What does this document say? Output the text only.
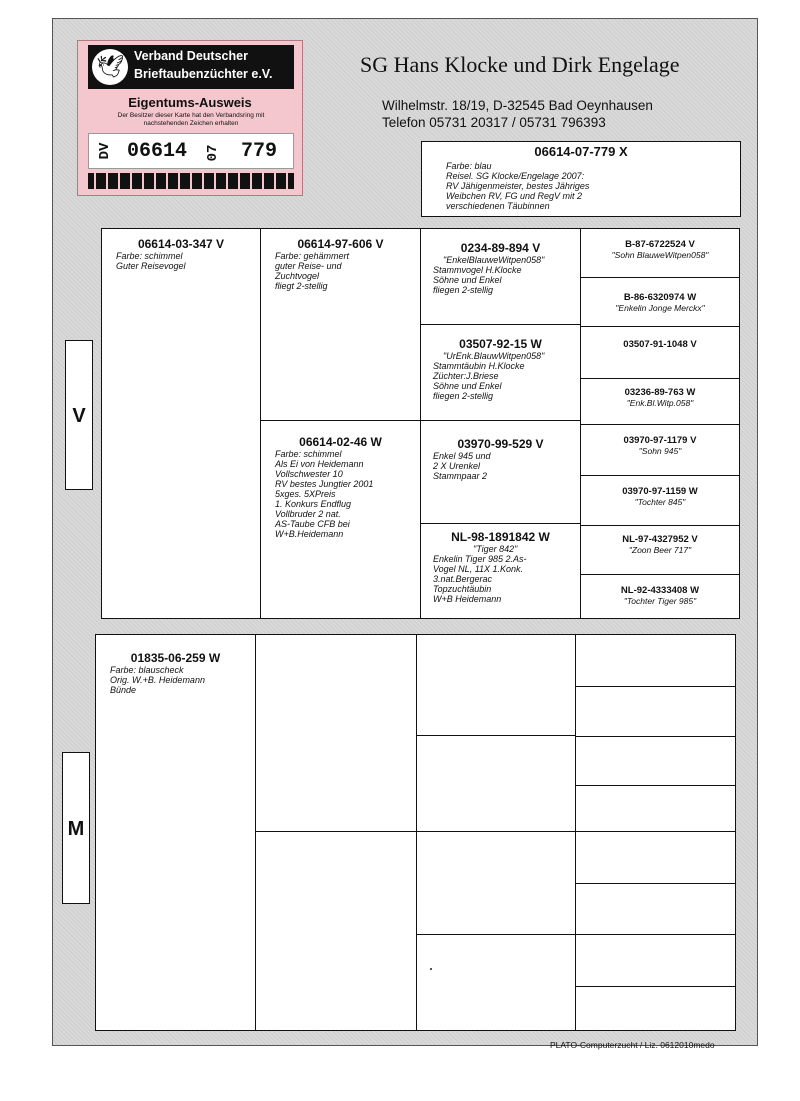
🕊 Verband Deutscher
Brieftaubenzüchter e.V.
Eigentums-Ausweis
Der Besitzer dieser Karte hat den Verbandsring mit nachstehenden Zeichen erhalten
DV 06614	07 779
SG Hans Klocke und Dirk Engelage
Wilhelmstr. 18/19, D-32545 Bad Oeynhausen
Telefon 05731 20317 / 05731 796393
06614-07-779 X
Farbe: blau
Reisel. SG Klocke/Engelage 2007:
RV Jähigenmeister, bestes Jähriges
Weibchen RV, FG und RegV mit 2
verschiedenen Täubinnen
V
M
06614-03-347 V
Farbe: schimmel
Guter Reisevogel
06614-97-606 V
Farbe: gehämmert
guter Reise- und
Zuchtvogel
fliegt 2-stellig
06614-02-46 W
Farbe: schimmel
Als Ei von Heidemann
Vollschwester 10
RV bestes Jungtier 2001
5xges. 5XPreis
1. Konkurs Endflug
Vollbruder 2 nat.
AS-Taube CFB bei
W+B.Heidemann
0234-89-894 V
"EnkelBlauweWitpen058"
Stammvogel H.Klocke
Söhne und Enkel
fliegen 2-stellig
03507-92-15 W
"UrEnk.BlauwWitpen058"
Stammtäubin H.Klocke
Züchter:J.Briese
Söhne und Enkel
fliegen 2-stellig
03970-99-529 V
Enkel 945 und
2 X Urenkel
Stammpaar 2
NL-98-1891842 W
"Tiger 842"
Enkelin Tiger 985 2.As-
Vogel NL, 11X 1.Konk.
3.nat.Bergerac
Topzuchtäubin
W+B Heidemann
B-87-6722524 V
"Sohn BlauweWitpen058"
B-86-6320974 W
"Enkelin Jonge Merckx"
03507-91-1048 V
03236-89-763 W
"Enk.Bl.Witp.058"
03970-97-1179 V
"Sohn 945"
03970-97-1159 W
"Tochter 845"
NL-97-4327952 V
"Zoon Beer 717"
NL-92-4333408 W
"Tochter Tiger 985"
01835-06-259 W
Farbe: blauscheck
Orig. W.+B. Heidemann
Bünde
PLATO-Computerzucht / Liz. 0612010medo
